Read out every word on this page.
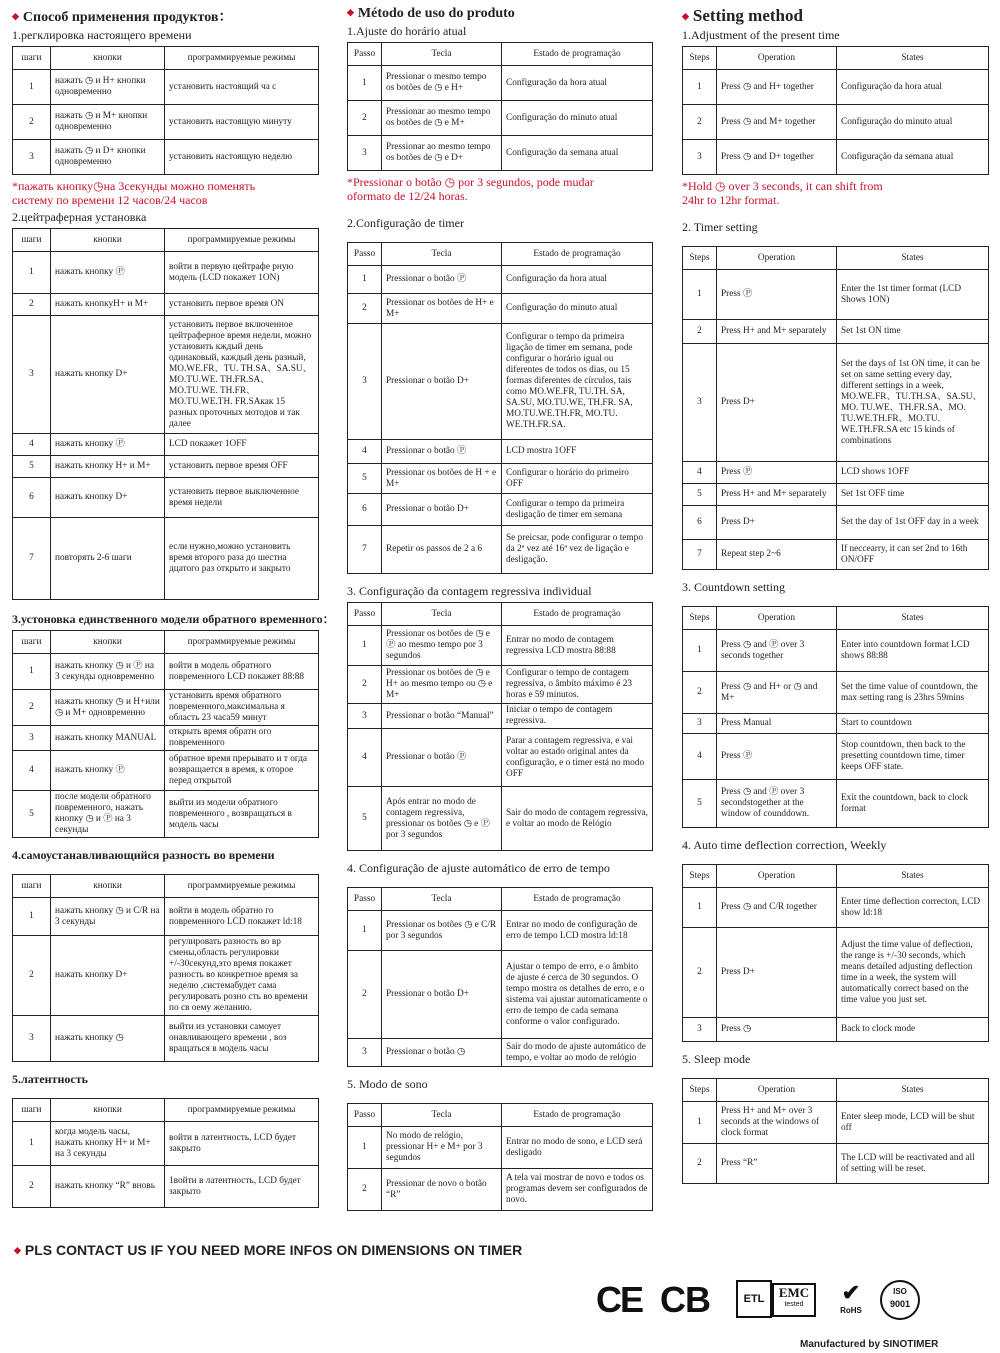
◆ Способ применения продуктов：
1.регклировка настоящего времени
шаги	кнопки	программируемые режимы
1	нажать ◷ и H+ кнопки одновременно	установить настоящий ча с
2	нажать ◷ и M+ кнопки одновременно	установить настоящую минуту
3	нажать ◷ и D+ кнопки одновременно	установить настоящую неделю
*пажать кнопку◷на 3секунды можно поменять
систему по времени 12 часов/24 часов
2.цейтраферная установка
шаги	кнопки	программируемые режимы
1	нажать кнопку Ⓟ	войти в первую цейтрафе рную модель (LCD покажет 1ON)
2	нажать кнопкуH+ и M+	установить первое время ON
3	нажать кнопку D+	установить первое включенное цейтраферное время недели, можно установить кждый день одинаковый, каждый день разный, MO.WE.FR、TU. TH.SA、SA.SU、MO.TU.WE. TH.FR.SA、MO.TU.WE. TH.FR、MO.TU.WE.TH. FR.SAкак 15 разных проточных мотодов и так далее
4	нажать кнопку Ⓟ	LCD покажет 1OFF
5	нажать кнопку H+ и M+	установить первое время OFF
6	нажать кнопку D+	установить первое выключенное время недели
7	повторять 2-6 шаги	если нужно,можно установить время второго раза до шестна дцатого раз открыто и закрыто
3.устоновка единственного модели обратного временного：
шаги	кнопки	программируемые режимы
1	нажать кнопку ◷ и Ⓟ на 3 секунды одновременно	войти в модель обратного повременного LCD покажет 88:88
2	нажать кнопку ◷ и H+или ◷ и M+ одновременно	установить время обратного повременного,максимальна я область 23 часа59 минут
3	нажать кнопку MANUAL	открыть время обратн ого повременного
4	нажать кнопку Ⓟ	обратное время прерывато и т огда возвращается в время, к оторое перед открытой
5	после модели обратного повременного, нажать кнопку ◷ и Ⓟ на 3 секунды	выйти из модели обратного повременного , возвращаться в модель часы
4.самоустанавливающийся разность во времени
шаги	кнопки	программируемые режимы
1	нажать кнопку ◷ и C/R на 3 секунды	войти в модель обратно го повременного LCD покажет ld:18
2	нажать кнопку D+	регулировать разность во вр смены,область регулировки +/-30секунд,это время покажет разность во конкретное время за неделю ,системабудет сама регулировать розно сть во времени по св оему желанию.
3	нажать кнопку ◷	выйти из установки самоует онавливающего времени , воз вращаться в модель часы
5.латентность
шаги	кнопки	программируемые режимы
1	когда модель часы, нажать кнопку H+ и M+ на 3 секунды	войти в латентность, LCD будет закрыто
2	нажать кнопку “R” вновь	1войти в латентность, LCD будет закрыто
◆ Método de uso do produto
1.Ajuste do horário atual
Passo	Tecla	Estado de programação
1	Pressionar o mesmo tempo os botões de ◷ e H+	Configuração da hora atual
2	Pressionar ao mesmo tempo os botões de ◷ e M+	Configuração do minuto atual
3	Pressionar ao mesmo tempo os botões de ◷ e D+	Configuração da semana atual
*Pressionar o botão ◷ por 3 segundos, pode mudar
oformato de 12/24 horas.
2.Configuração de timer
Passo	Tecla	Estado de programação
1	Pressionar o botão Ⓟ	Configuração da hora atual
2	Pressionar os botões de H+ e M+	Configuração do minuto atual
3	Pressionar o botão D+	Configurar o tempo da primeira ligação de timer em semana, pode configurar o horário igual ou diferentes de todos os dias, ou 15 formas diferentes de círculos, tais como MO.WE.FR, TU.TH. SA, SA.SU, MO.TU.WE, TH.FR. SA, MO.TU.WE.TH.FR, MO.TU. WE.TH.FR.SA.
4	Pressionar o botão Ⓟ	LCD mostra 1OFF
5	Pressionar os botões de H + e M+	Configurar o horário do primeiro OFF
6	Pressionar o botão D+	Configurar o tempo da primeira desligação de timer em semana
7	Repetir os passos de 2 a 6	Se preicsar, pode configurar o tempo da 2ª vez até 16ª vez de ligação e desligação.
3. Configuração da contagem regressiva individual
Passo	Tecla	Estado de programação
1	Pressionar os botões de ◷ e Ⓟ ao mesmo tempo por 3 segundos	Entrar no modo de contagem regressiva LCD mostra 88:88
2	Pressionar os botões de ◷ e H+ ao mesmo tempo ou ◷ e M+	Configurar o tempo de contagem regressiva, o âmbito máximo é 23 horas e 59 minutos.
3	Pressionar o botão “Manual”	Iniciar o tempo de contagem regressiva.
4	Pressionar o botão Ⓟ	Parar a contagem regressiva, e vai voltar ao estado original antes da configuração, e o timer está no modo OFF
5	Após entrar no modo de contagem regressiva, pressionar os botões ◷ e Ⓟ por 3 segundos	Sair do modo de contagem regressiva, e voltar ao modo de Relógio
4. Configuração de ajuste automático de erro de tempo
Passo	Tecla	Estado de programação
1	Pressionar os botões ◷ e C/R por 3 segundos	Entrar no modo de configuração de erro de tempo LCD mostra ld:18
2	Pressionar o botão D+	Ajustar o tempo de erro, e o âmbito de ajuste é cerca de 30 segundos. O tempo mostra os detalhes de erro, e o sistema vai ajustar automaticamente o erro de tempo de cada semana conforme o valor configurado.
3	Pressionar o botão ◷	Sair do modo de ajuste automático de tempo, e voltar ao modo de relógio
5. Modo de sono
Passo	Tecla	Estado de programação
1	No modo de relógio, pressionar H+ e M+ por 3 segundos	Entrar no modo de sono, e LCD será desligado
2	Pressionar de novo o botão “R”	A tela vai mostrar de novo e todos os programas devem ser configurados de novo.
◆ Setting method
1.Adjustment of the present time
Steps	Operation	States
1	Press ◷ and H+ together	Configuração da hora atual
2	Press ◷ and M+ together	Configuração do minuto atual
3	Press ◷ and D+ together	Configuração da semana atual
*Hold ◷ over 3 seconds, it can shift from
24hr to 12hr format.
2. Timer setting
Steps	Operation	States
1	Press Ⓟ	Enter the 1st timer format (LCD Shows 1ON)
2	Press H+ and M+ separately	Set 1st ON time
3	Press D+	Set the days of 1st ON time, it can be set on same setting every day, different settings in a week, MO.WE.FR、TU.TH.SA、SA.SU、MO. TU.WE、TH.FR.SA、MO. TU.WE.TH.FR、MO.TU. WE.TH.FR.SA etc 15 kinds of combinations
4	Press Ⓟ	LCD shows 1OFF
5	Press H+ and M+ separately	Set 1st OFF time
6	Press D+	Set the day of 1st OFF day in a week
7	Repeat step 2~6	If neccearry, it can set 2nd to 16th ON/OFF
3. Countdown setting
Steps	Operation	States
1	Press ◷ and Ⓟ over 3 seconds together	Enter into countdown format LCD shows 88:88
2	Press ◷ and H+ or ◷ and M+	Set the time value of countdown, the max setting rang is 23hrs 59mins
3	Press Manual	Start to countdown
4	Press Ⓟ	Stop countdown, then back to the presetting countdown time, timer keeps OFF state.
5	Press ◷ and Ⓟ over 3 secondstogether at the window of counddown.	Exit the countdown, back to clock format
4. Auto time deflection correction, Weekly
Steps	Operation	States
1	Press ◷ and C/R together	Enter time deflection correcton, LCD show ld:18
2	Press D+	Adjust the time value of deflection, the range is +/-30 seconds, which means detailed adjusting deflection time in a week, the system will automatically correct based on the time value you just set.
3	Press ◷	Back to clock mode
5. Sleep mode
Steps	Operation	States
1	Press H+ and M+ over 3 seconds at the windows of clock format	Enter sleep mode, LCD will be shut off
2	Press “R”	The LCD will be reactivated and all of setting will be reset.
◆ PLS CONTACT US IF YOU NEED MORE INFOS ON DIMENSIONS ON TIMER
CE CB	ETL	EMC
tested	✔
RoHS
ISO
9001
Manufactured by SINOTIMER
